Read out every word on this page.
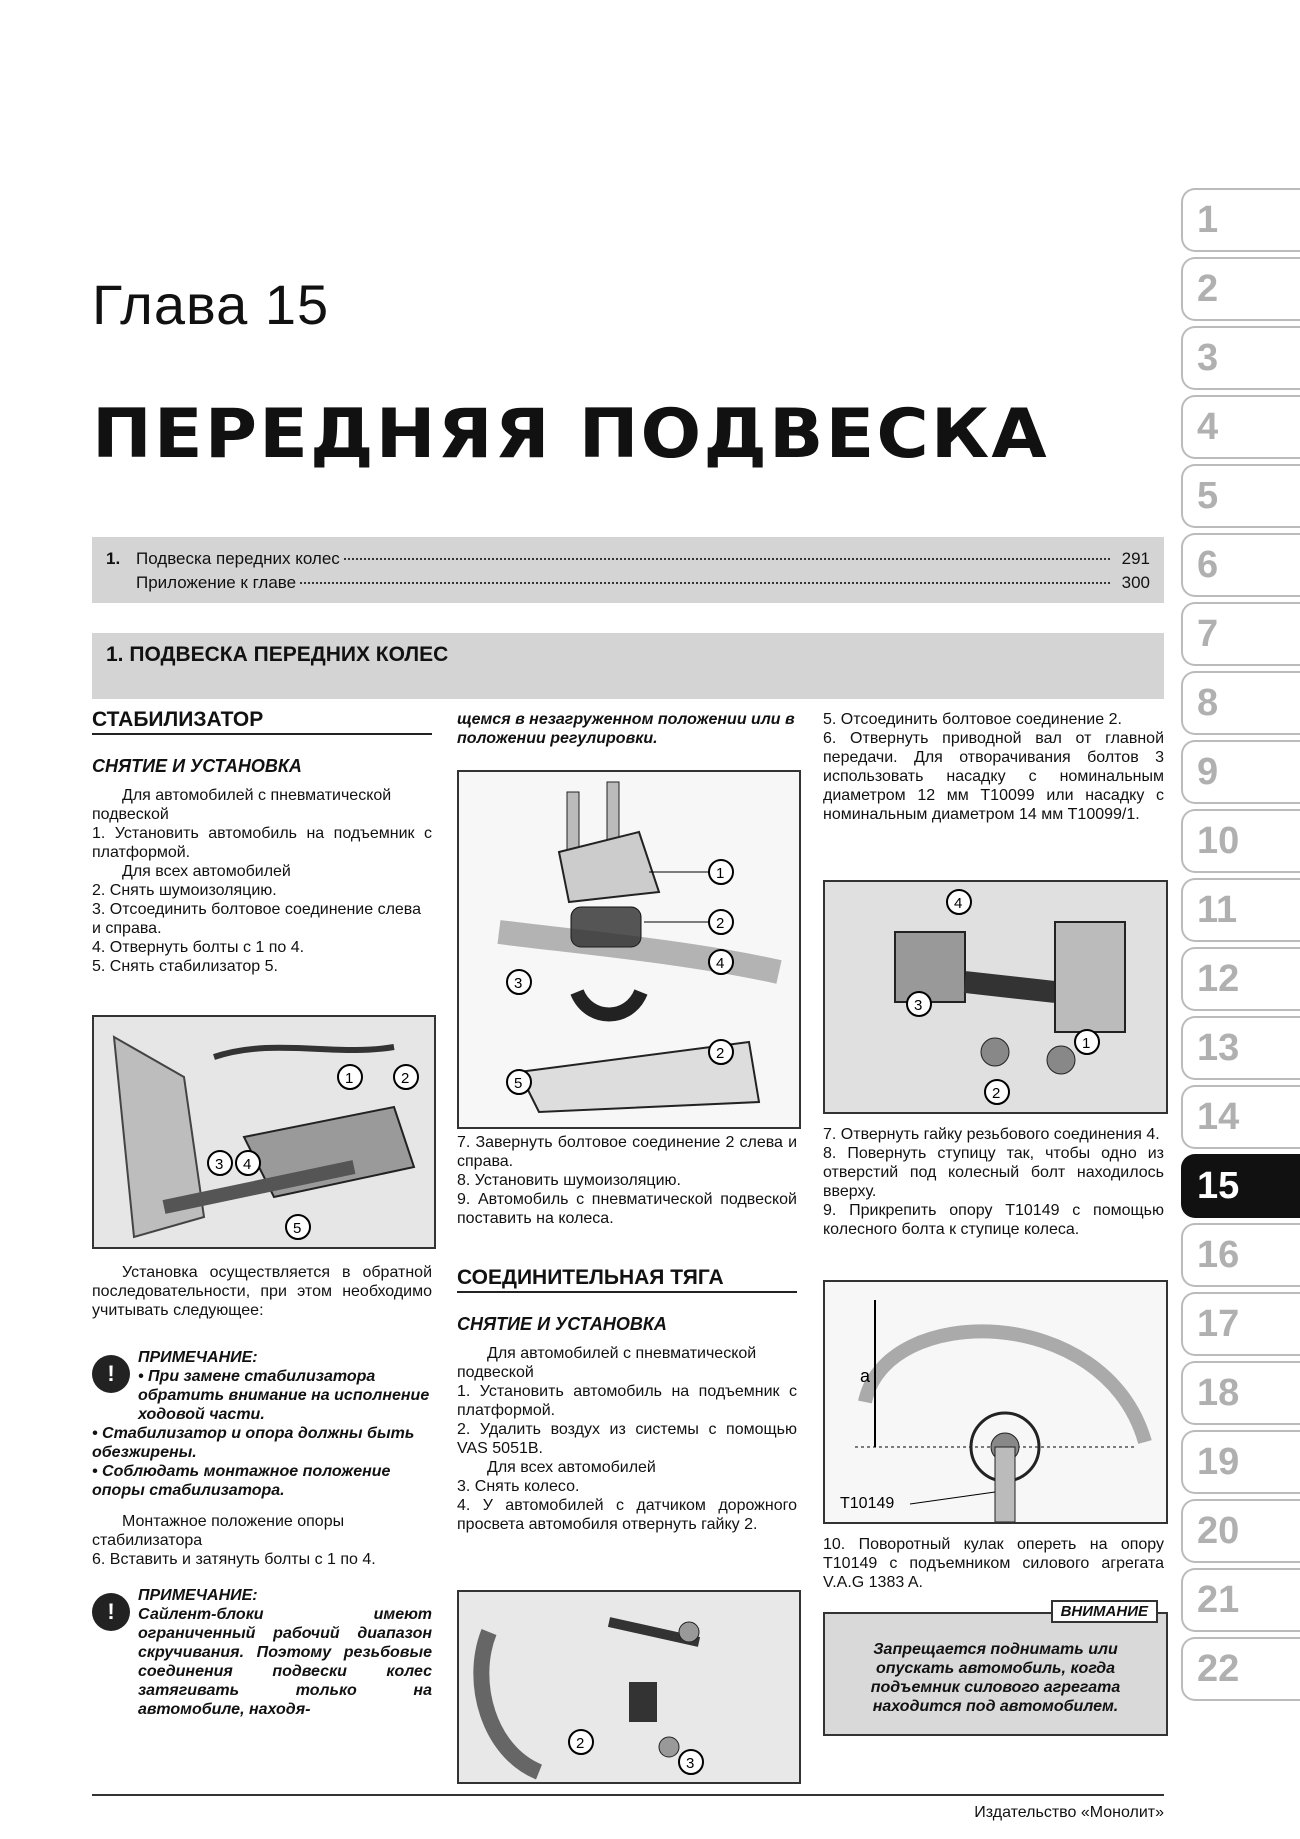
Глава 15
ПЕРЕДНЯЯ ПОДВЕСКА
1. Подвеска передних колес	291
Приложение к главе	300
1. ПОДВЕСКА ПЕРЕДНИХ КОЛЕС
СТАБИЛИЗАТОР
СНЯТИЕ И УСТАНОВКА

Для автомобилей с пневматической подвеской

1. Установить автомобиль на подъемник с платформой.

Для всех автомобилей

2. Снять шумоизоляцию.

3. Отсоединить болтовое соединение слева и справа.

4. Отвернуть болты с 1 по 4.

5. Снять стабилизатор 5.

1	2
3 4
5

Установка осуществляется в обратной последовательности, при этом необходимо учитывать следующее:

!

ПРИМЕЧАНИЕ:

• При замене стабилизатора обратить внимание на исполнение ходовой части.

• Стабилизатор и опора должны быть обезжирены.

• Соблюдать монтажное положение опоры стабилизатора.

Монтажное положение опоры стабилизатора

6. Вставить и затянуть болты с 1 по 4.

!

ПРИМЕЧАНИЕ:

Сайлент-блоки имеют ограниченный рабочий диапазон скручивания. Поэтому резьбовые соединения подвески колес затягивать только на автомобиле, находя-

щемся в незагруженном положении или в положении регулировки.

1
2
4
3
2
5

7. Завернуть болтовое соединение 2 слева и справа.

8. Установить шумоизоляцию.

9. Автомобиль с пневматической подвеской поставить на колеса.

СОЕДИНИТЕЛЬНАЯ ТЯГА
СНЯТИЕ И УСТАНОВКА

Для автомобилей с пневматической подвеской

1. Установить автомобиль на подъемник с платформой.

2. Удалить воздух из системы с помощью VAS 5051B.

Для всех автомобилей

3. Снять колесо.

4. У автомобилей с датчиком дорожного просвета автомобиля отвернуть гайку 2.

2
3

5. Отсоединить болтовое соединение 2.

6. Отвернуть приводной вал от главной передачи. Для отворачивания болтов 3 использовать насадку с номинальным диаметром 12 мм T10099 или насадку с номинальным диаметром 14 мм T10099/1.

4
3
1
2

7. Отвернуть гайку резьбового соединения 4.

8. Повернуть ступицу так, чтобы одно из отверстий под колесный болт находилось вверху.

9. Прикрепить опору T10149 с помощью колесного болта к ступице колеса.

a
T10149

10. Поворотный кулак опереть на опору T10149 с подъемником силового агрегата V.A.G 1383 A.

ВНИМАНИЕ
Запрещается поднимать или опускать автомобиль, когда подъемник силового агрегата находится под автомобилем.
1
2
3
4
5
6
7
8
9
10
11
12
13
14
15
16
17
18
19
20
21
22
Издательство «Монолит»
